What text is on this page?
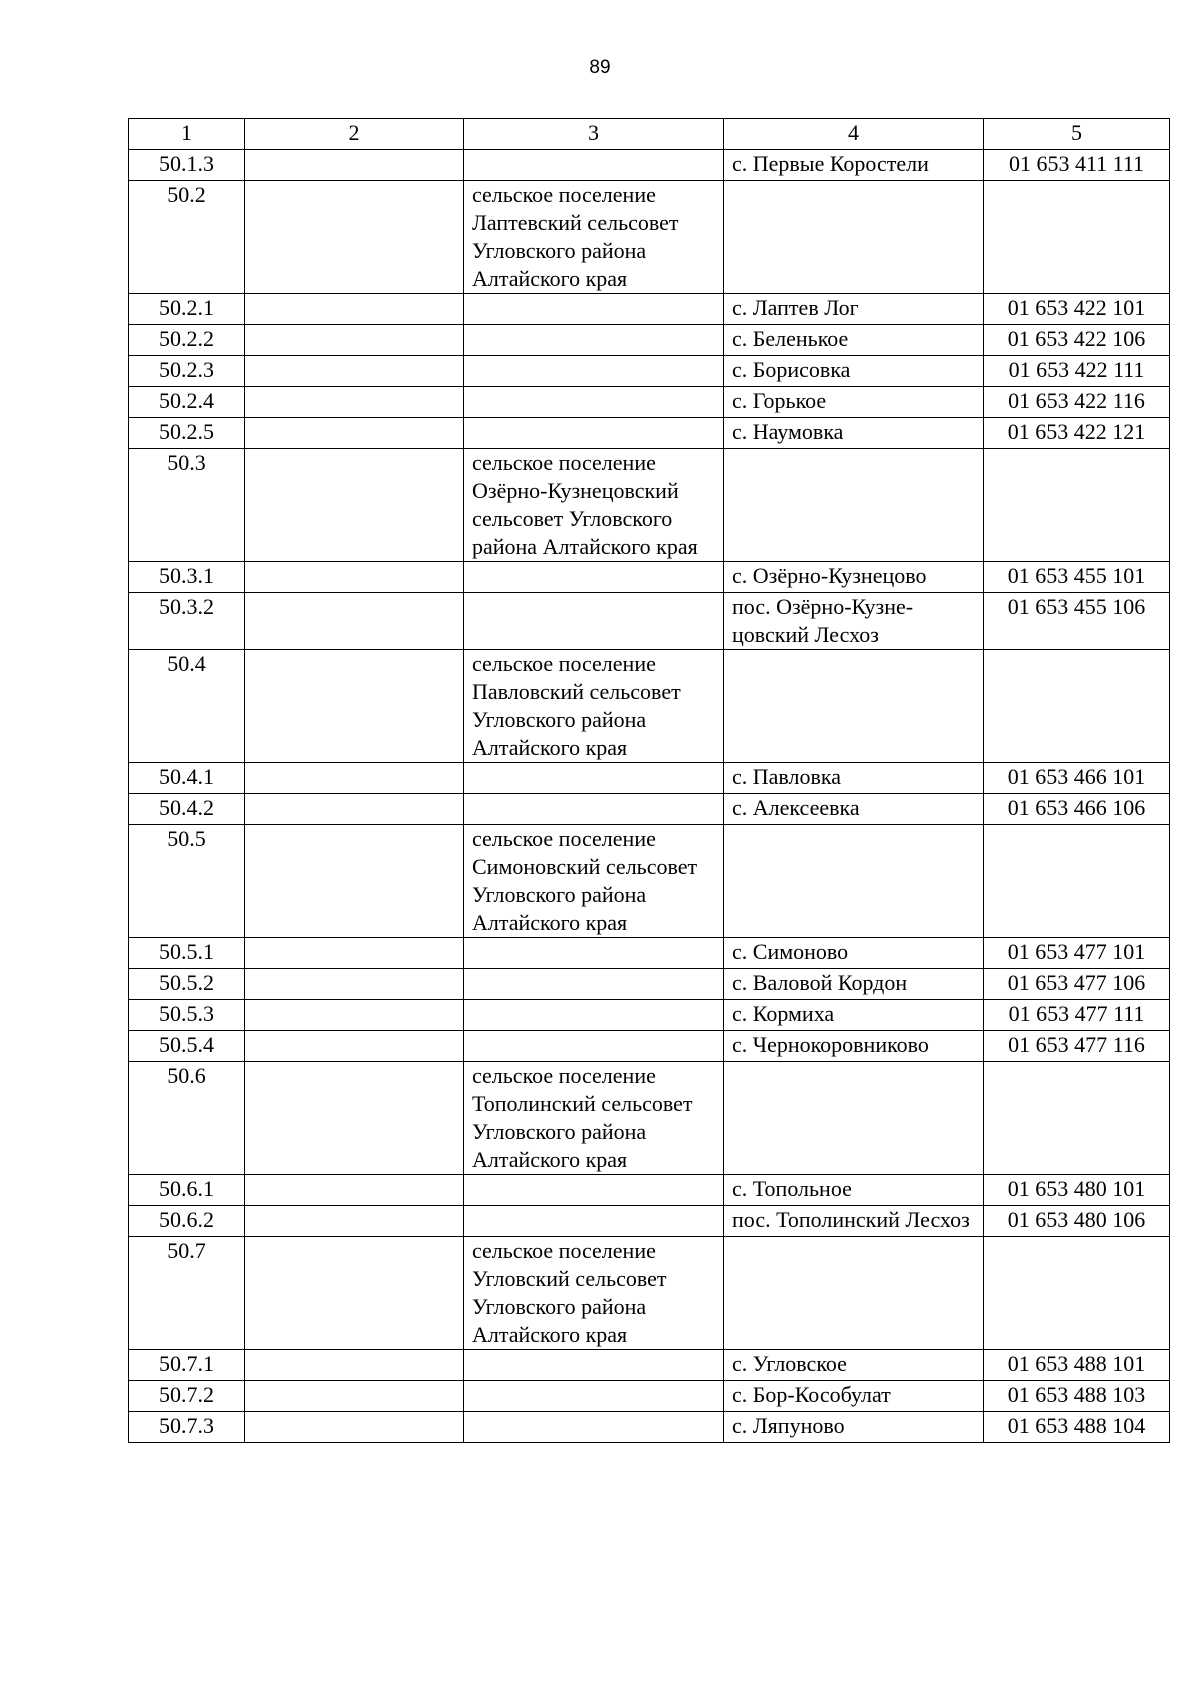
89
1	2	3	4	5
50.1.3			с. Первые Коростели	01 653 411 111
50.2		сельское поселение Лаптевский сельсовет Угловского района Алтайского края		
50.2.1			с. Лаптев Лог	01 653 422 101
50.2.2			с. Беленькое	01 653 422 106
50.2.3			с. Борисовка	01 653 422 111
50.2.4			с. Горькое	01 653 422 116
50.2.5			с. Наумовка	01 653 422 121
50.3		сельское поселение Озёрно-Кузнецовский сельсовет Угловского района Алтайского края		
50.3.1			с. Озёрно-Кузнецово	01 653 455 101
50.3.2			пос. Озёрно-Кузне-цовский Лесхоз	01 653 455 106
50.4		сельское поселение Павловский сельсовет Угловского района Алтайского края		
50.4.1			с. Павловка	01 653 466 101
50.4.2			с. Алексеевка	01 653 466 106
50.5		сельское поселение Симоновский сельсовет Угловского района Алтайского края		
50.5.1			с. Симоново	01 653 477 101
50.5.2			с. Валовой Кордон	01 653 477 106
50.5.3			с. Кормиха	01 653 477 111
50.5.4			с. Чернокоровниково	01 653 477 116
50.6		сельское поселение Тополинский сельсовет Угловского района Алтайского края		
50.6.1			с. Топольное	01 653 480 101
50.6.2			пос. Тополинский Лесхоз	01 653 480 106
50.7		сельское поселение Угловский сельсовет Угловского района Алтайского края		
50.7.1			с. Угловское	01 653 488 101
50.7.2			с. Бор-Кособулат	01 653 488 103
50.7.3			с. Ляпуново	01 653 488 104
